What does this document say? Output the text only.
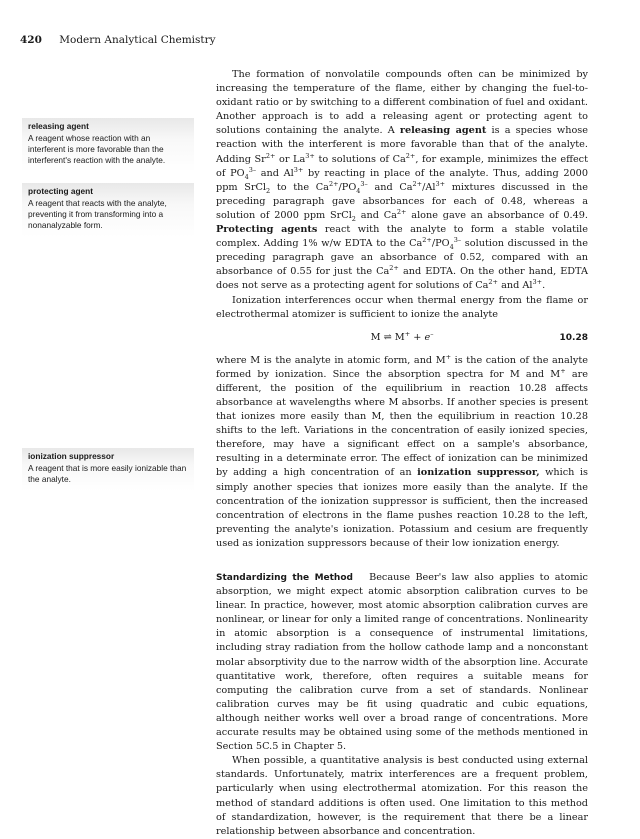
420 Modern Analytical Chemistry
releasing agent
A reagent whose reaction with an interferent is more favorable than the interferent's reaction with the analyte.
protecting agent
A reagent that reacts with the analyte, preventing it from transforming into a nonanalyzable form.
ionization suppressor
A reagent that is more easily ionizable than the analyte.

The formation of nonvolatile compounds often can be minimized by increasing the temperature of the flame, either by changing the fuel-to-oxidant ratio or by switching to a different combination of fuel and oxidant. Another approach is to add a releasing agent or protecting agent to solutions containing the analyte. A releasing agent is a species whose reaction with the interferent is more favorable than that of the analyte. Adding $Sr^{2+}$ or $La^{3+}$ to solutions of $Ca^{2+}$, for example, minimizes the effect of $PO_4^{3-}$ and $Al^{3+}$ by reacting in place of the analyte. Thus, adding 2000 ppm SrCl$_2$ to the $Ca^{2+}/PO_4^{3-}$ and $Ca^{2+}/Al^{3+}$ mixtures discussed in the preceding paragraph gave absorbances for each of 0.48, whereas a solution of 2000 ppm SrCl$_2$ and $Ca^{2+}$ alone gave an absorbance of 0.49. Protecting agents react with the analyte to form a stable volatile complex. Adding 1% w/w EDTA to the $Ca^{2+}/PO_4^{3-}$ solution discussed in the preceding paragraph gave an absorbance of 0.52, compared with an absorbance of 0.55 for just the $Ca^{2+}$ and EDTA. On the other hand, EDTA does not serve as a protecting agent for solutions of $Ca^{2+}$ and $Al^{3+}$.

Ionization interferences occur when thermal energy from the flame or electrothermal atomizer is sufficient to ionize the analyte

M ⇌ M+ + e–	10.28

where M is the analyte in atomic form, and M+ is the cation of the analyte formed by ionization. Since the absorption spectra for M and M+ are different, the position of the equilibrium in reaction 10.28 affects absorbance at wavelengths where M absorbs. If another species is present that ionizes more easily than M, then the equilibrium in reaction 10.28 shifts to the left. Variations in the concentration of easily ionized species, therefore, may have a significant effect on a sample's absorbance, resulting in a determinate error. The effect of ionization can be minimized by adding a high concentration of an ionization suppressor, which is simply another species that ionizes more easily than the analyte. If the concentration of the ionization suppressor is sufficient, then the increased concentration of electrons in the flame pushes reaction 10.28 to the left, preventing the analyte's ionization. Potassium and cesium are frequently used as ionization suppressors because of their low ionization energy.

Standardizing the Method Because Beer's law also applies to atomic absorption, we might expect atomic absorption calibration curves to be linear. In practice, however, most atomic absorption calibration curves are nonlinear, or linear for only a limited range of concentrations. Nonlinearity in atomic absorption is a consequence of instrumental limitations, including stray radiation from the hollow cathode lamp and a nonconstant molar absorptivity due to the narrow width of the absorption line. Accurate quantitative work, therefore, often requires a suitable means for computing the calibration curve from a set of standards. Nonlinear calibration curves may be fit using quadratic and cubic equations, although neither works well over a broad range of concentrations. More accurate results may be obtained using some of the methods mentioned in Section 5C.5 in Chapter 5.

When possible, a quantitative analysis is best conducted using external standards. Unfortunately, matrix interferences are a frequent problem, particularly when using electrothermal atomization. For this reason the method of standard additions is often used. One limitation to this method of standardization, however, is the requirement that there be a linear relationship between absorbance and concentration.
